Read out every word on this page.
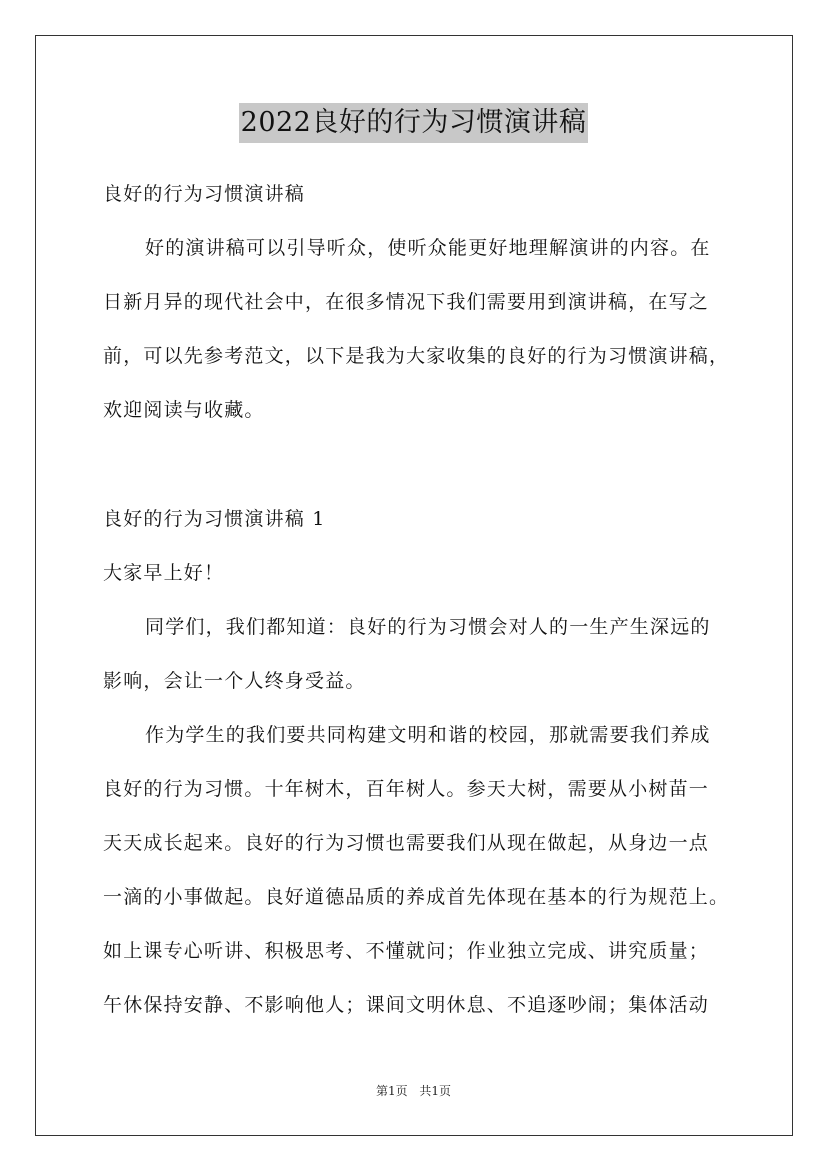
2022良好的行为习惯演讲稿
良好的行为习惯演讲稿
好的演讲稿可以引导听众，使听众能更好地理解演讲的内容。在
日新月异的现代社会中，在很多情况下我们需要用到演讲稿，在写之
前，可以先参考范文，以下是我为大家收集的良好的行为习惯演讲稿，
欢迎阅读与收藏。
良好的行为习惯演讲稿 1
大家早上好！
同学们，我们都知道：良好的行为习惯会对人的一生产生深远的
影响，会让一个人终身受益。
作为学生的我们要共同构建文明和谐的校园，那就需要我们养成
良好的行为习惯。十年树木，百年树人。参天大树，需要从小树苗一
天天成长起来。良好的行为习惯也需要我们从现在做起，从身边一点
一滴的小事做起。良好道德品质的养成首先体现在基本的行为规范上。
如上课专心听讲、积极思考、不懂就问；作业独立完成、讲究质量；
午休保持安静、不影响他人；课间文明休息、不追逐吵闹；集体活动
第1页 共1页
